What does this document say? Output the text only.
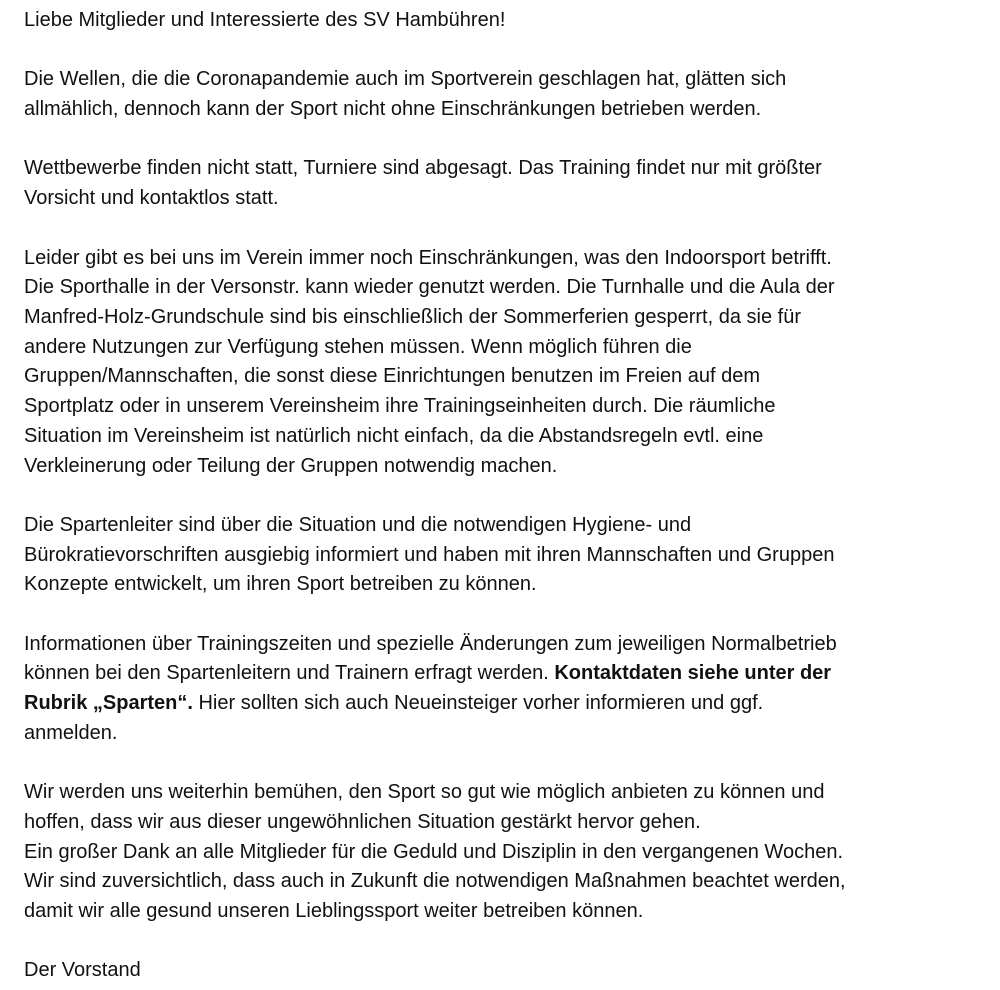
Liebe Mitglieder und Interessierte des SV Hambühren!

Die Wellen, die die Coronapandemie auch im Sportverein geschlagen hat, glätten sich
allmählich, dennoch kann der Sport nicht ohne Einschränkungen betrieben werden.

Wettbewerbe finden nicht statt, Turniere sind abgesagt. Das Training findet nur mit größter
Vorsicht und kontaktlos statt.

Leider gibt es bei uns im Verein immer noch Einschränkungen, was den Indoorsport betrifft.
Die Sporthalle in der Versonstr. kann wieder genutzt werden. Die Turnhalle und die Aula der
Manfred-Holz-Grundschule sind bis einschließlich der Sommerferien gesperrt, da sie für
andere Nutzungen zur Verfügung stehen müssen. Wenn möglich führen die
Gruppen/Mannschaften, die sonst diese Einrichtungen benutzen im Freien auf dem
Sportplatz oder in unserem Vereinsheim ihre Trainingseinheiten durch. Die räumliche
Situation im Vereinsheim ist natürlich nicht einfach, da die Abstandsregeln evtl. eine
Verkleinerung oder Teilung der Gruppen notwendig machen.

Die Spartenleiter sind über die Situation und die notwendigen Hygiene- und
Bürokratievorschriften ausgiebig informiert und haben mit ihren Mannschaften und Gruppen
Konzepte entwickelt, um ihren Sport betreiben zu können.

Informationen über Trainingszeiten und spezielle Änderungen zum jeweiligen Normalbetrieb
können bei den Spartenleitern und Trainern erfragt werden. Kontaktdaten siehe unter der
Rubrik „Sparten“. Hier sollten sich auch Neueinsteiger vorher informieren und ggf.
anmelden.

Wir werden uns weiterhin bemühen, den Sport so gut wie möglich anbieten zu können und
hoffen, dass wir aus dieser ungewöhnlichen Situation gestärkt hervor gehen.
Ein großer Dank an alle Mitglieder für die Geduld und Disziplin in den vergangenen Wochen.
Wir sind zuversichtlich, dass auch in Zukunft die notwendigen Maßnahmen beachtet werden,
damit wir alle gesund unseren Lieblingssport weiter betreiben können.

Der Vorstand
